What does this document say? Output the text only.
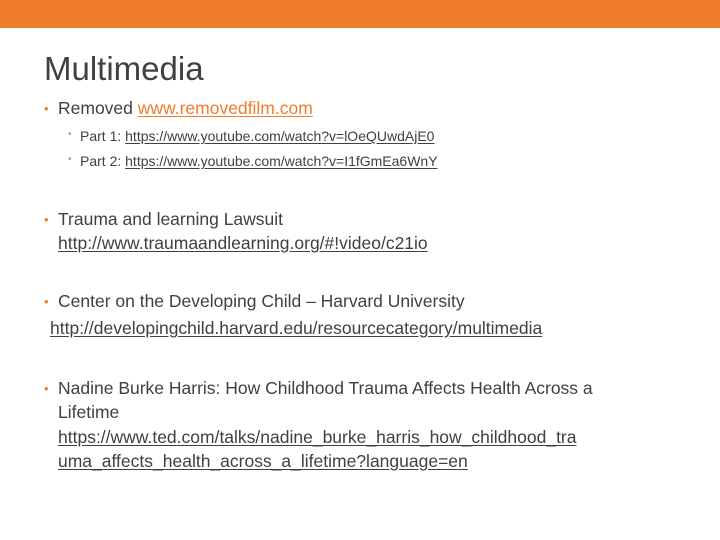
Multimedia
• Removed www.removedfilm.com
• Part 1: https://www.youtube.com/watch?v=lOeQUwdAjE0
• Part 2: https://www.youtube.com/watch?v=I1fGmEa6WnY
• Trauma and learning Lawsuit
http://www.traumaandlearning.org/#!video/c21io
• Center on the Developing Child – Harvard University
http://developingchild.harvard.edu/resourcecategory/multimedia
• Nadine Burke Harris: How Childhood Trauma Affects Health Across a
Lifetime
https://www.ted.com/talks/nadine_burke_harris_how_childhood_tra
uma_affects_health_across_a_lifetime?language=en
